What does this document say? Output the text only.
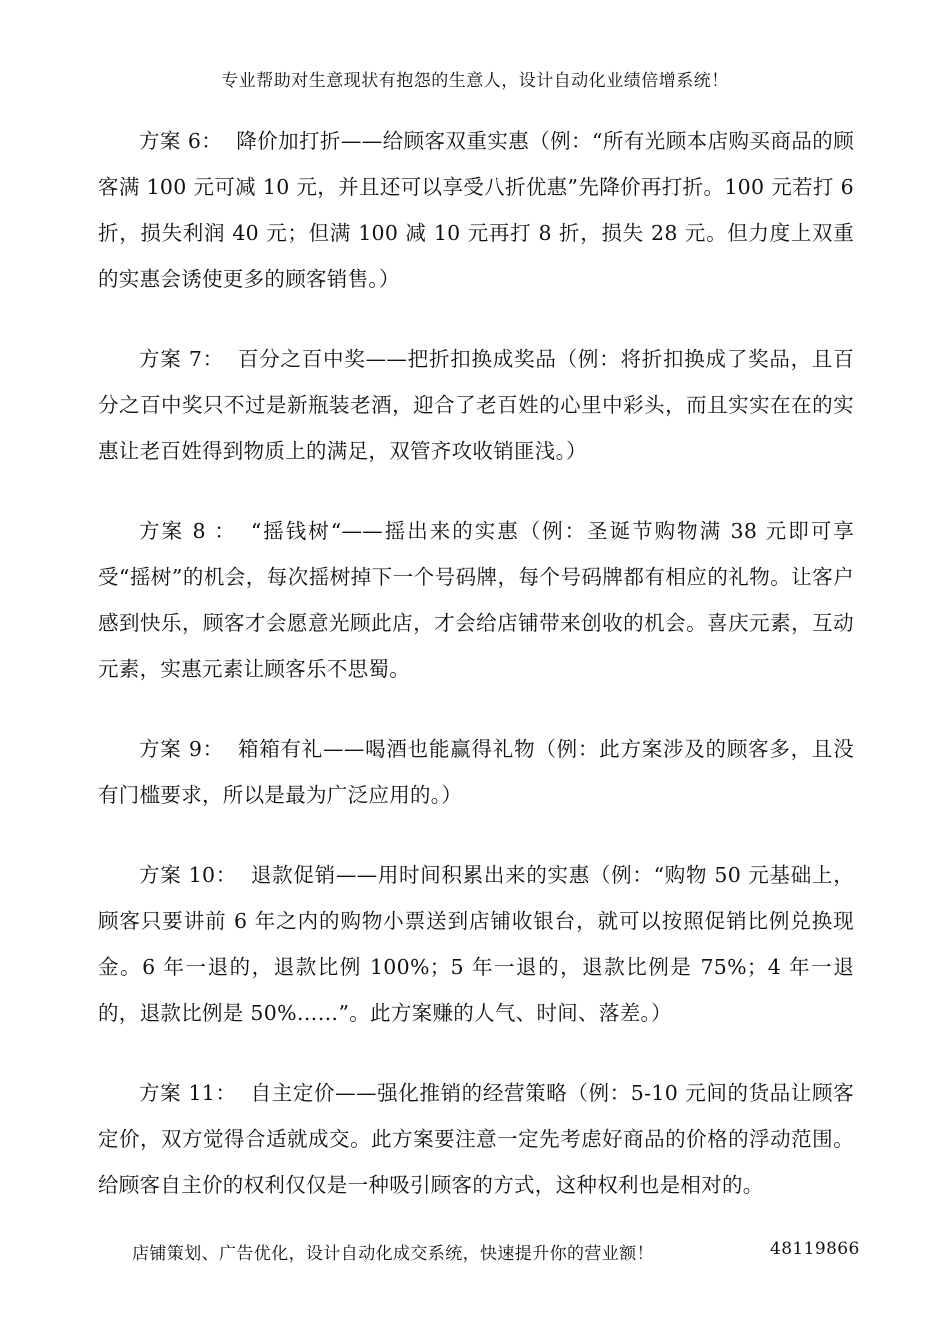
专业帮助对生意现状有抱怨的生意人，设计自动化业绩倍增系统！

方案 6： 降价加打折——给顾客双重实惠（例：“所有光顾本店购买商品的顾客满 100 元可减 10 元，并且还可以享受八折优惠”先降价再打折。100 元若打 6 折，损失利润 40 元；但满 100 减 10 元再打 8 折，损失 28 元。但力度上双重的实惠会诱使更多的顾客销售。）

方案 7： 百分之百中奖——把折扣换成奖品（例：将折扣换成了奖品，且百分之百中奖只不过是新瓶装老酒，迎合了老百姓的心里中彩头，而且实实在在的实惠让老百姓得到物质上的满足，双管齐攻收销匪浅。）

方案 8 ： “摇钱树“——摇出来的实惠（例：圣诞节购物满 38 元即可享受“摇树”的机会，每次摇树掉下一个号码牌，每个号码牌都有相应的礼物。让客户感到快乐，顾客才会愿意光顾此店，才会给店铺带来创收的机会。喜庆元素，互动元素，实惠元素让顾客乐不思蜀。

方案 9： 箱箱有礼——喝酒也能赢得礼物（例：此方案涉及的顾客多，且没有门槛要求，所以是最为广泛应用的。）

方案 10： 退款促销——用时间积累出来的实惠（例：“购物 50 元基础上，顾客只要讲前 6 年之内的购物小票送到店铺收银台，就可以按照促销比例兑换现金。6 年一退的，退款比例 100%；5 年一退的，退款比例是 75%；4 年一退的，退款比例是 50%……”。此方案赚的人气、时间、落差。）

方案 11： 自主定价——强化推销的经营策略（例：5-10 元间的货品让顾客定价，双方觉得合适就成交。此方案要注意一定先考虑好商品的价格的浮动范围。给顾客自主价的权利仅仅是一种吸引顾客的方式，这种权利也是相对的。

店铺策划、广告优化，设计自动化成交系统，快速提升你的营业额！	48119866
